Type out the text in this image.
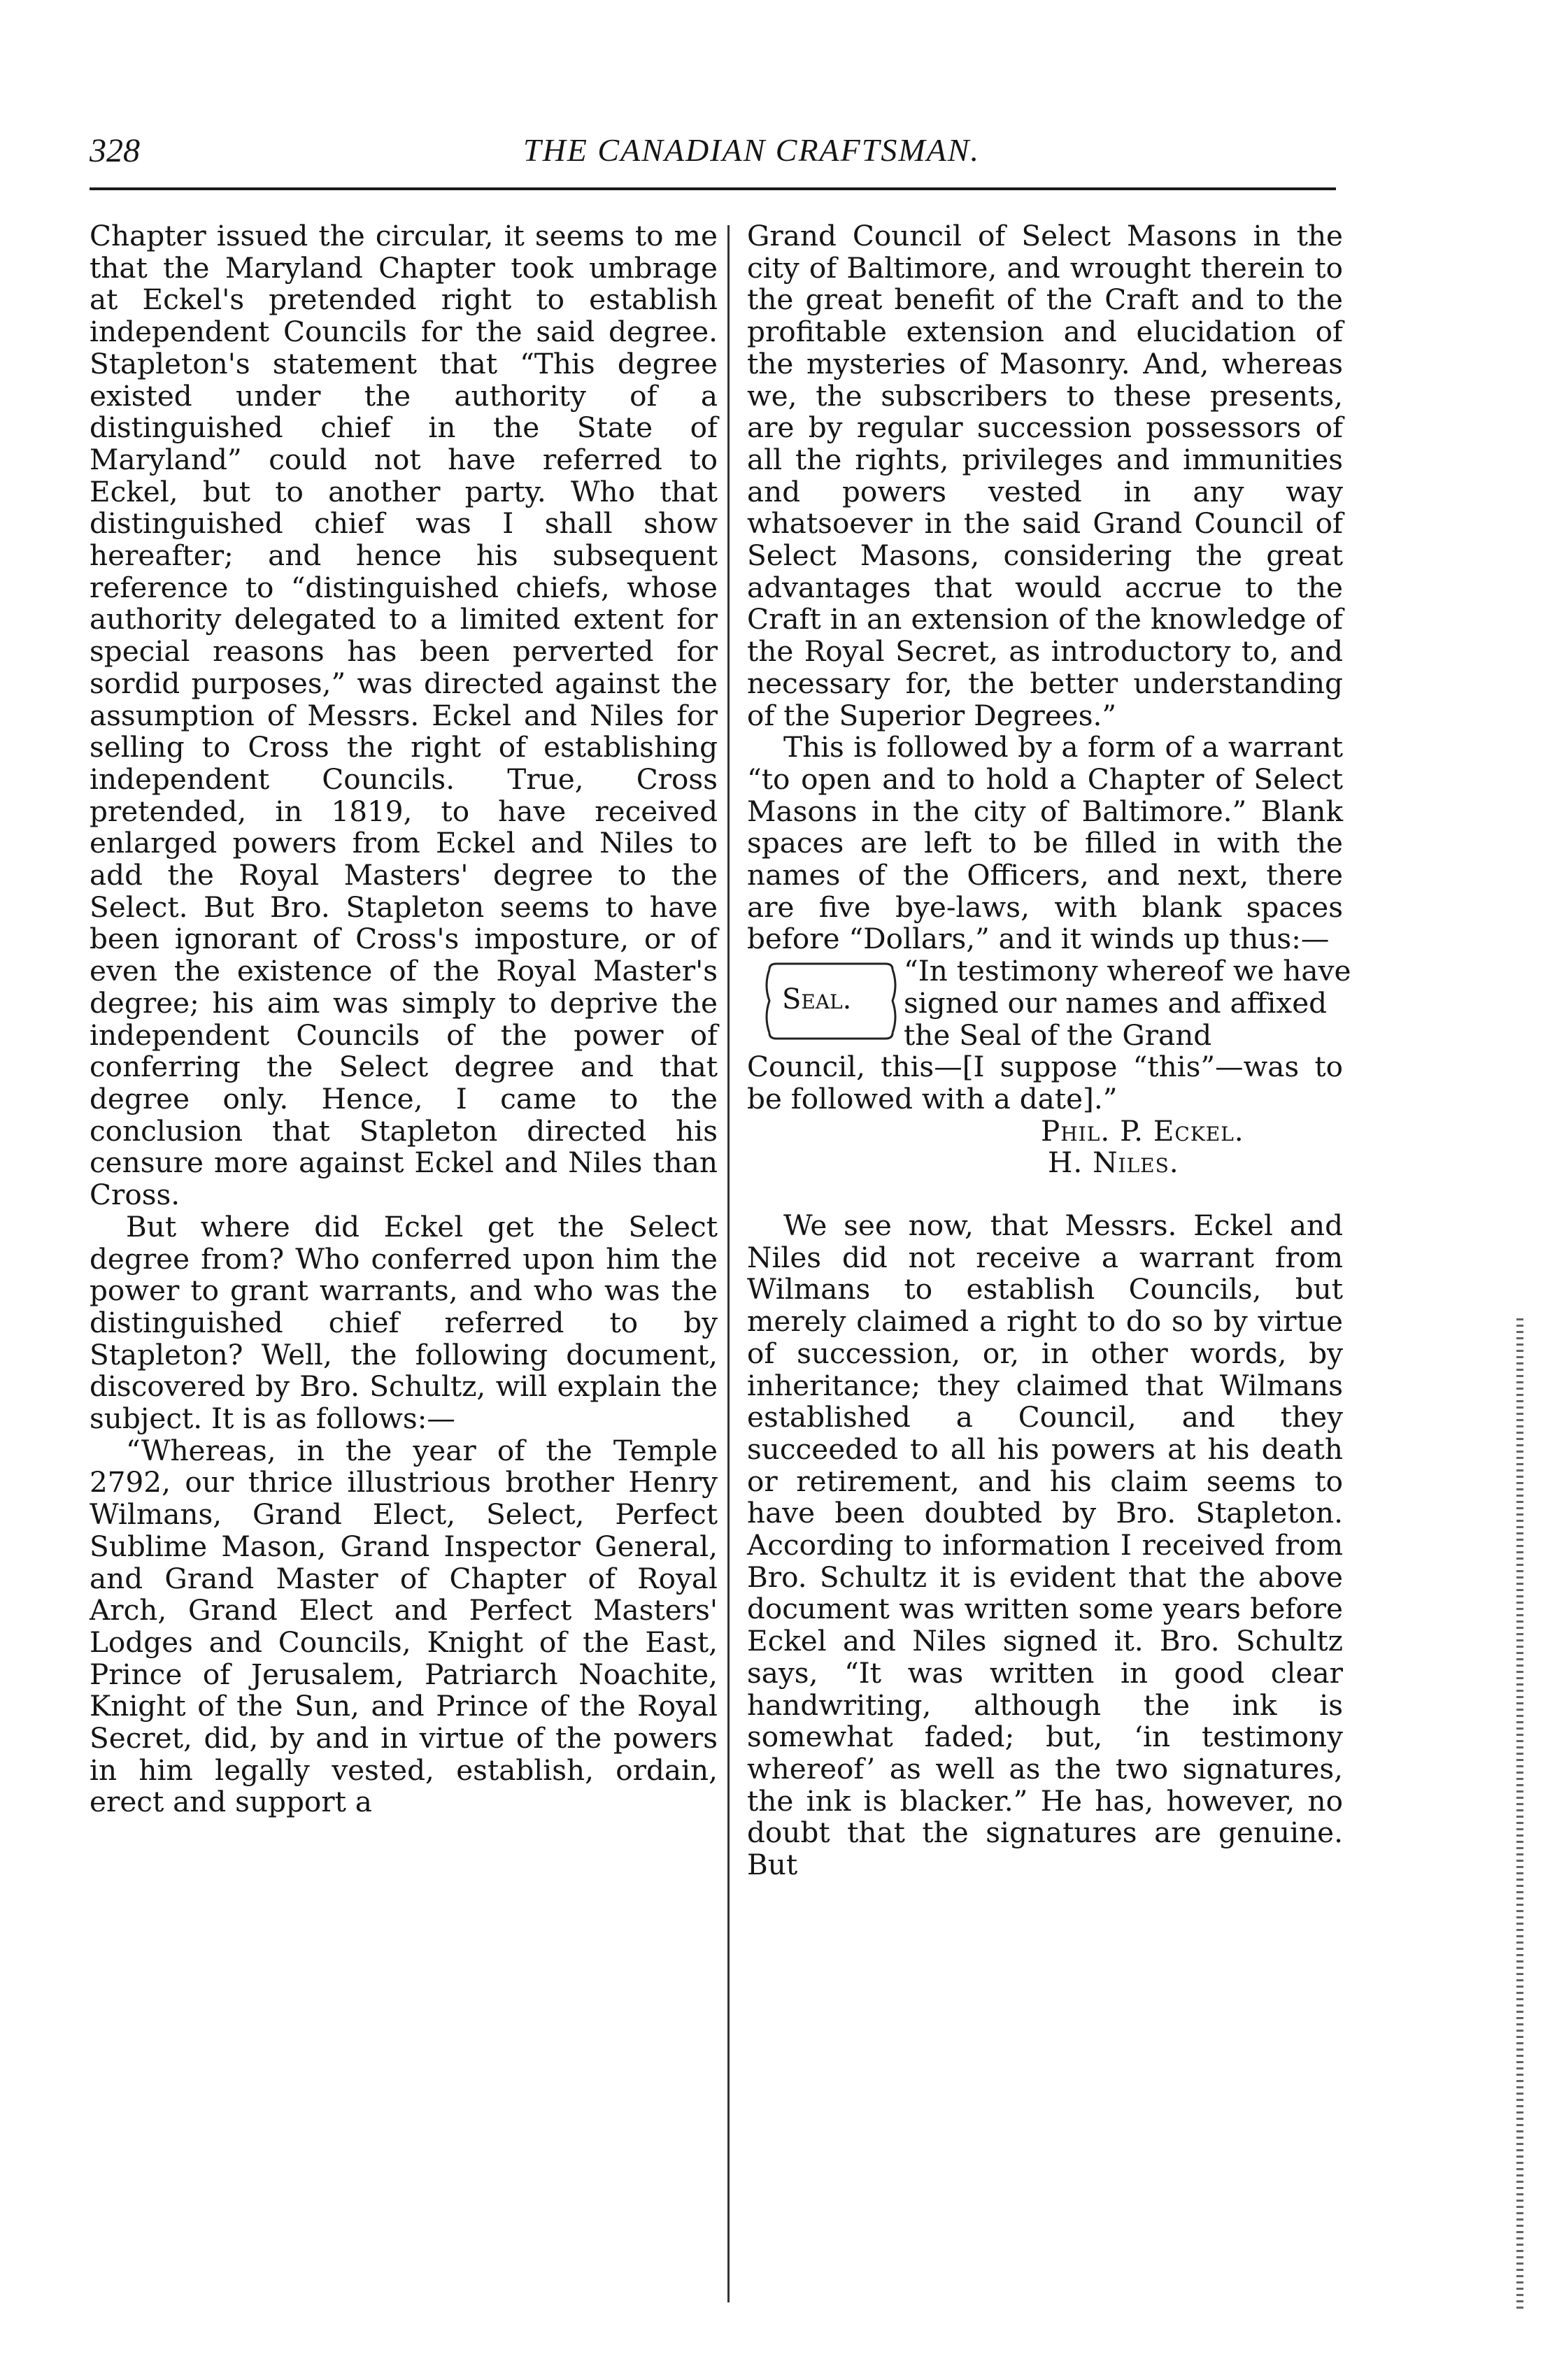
328	THE CANADIAN CRAFTSMAN.

Chapter issued the circular, it seems to me that the Maryland Chapter took umbrage at Eckel's pretended right to establish independent Councils for the said degree. Stapleton's statement that “This degree existed under the authority of a distinguished chief in the State of Maryland” could not have referred to Eckel, but to another party. Who that distinguished chief was I shall show hereafter; and hence his subsequent reference to “distinguished chiefs, whose authority delegated to a limited extent for special reasons has been perverted for sordid purposes,” was directed against the assumption of Messrs. Eckel and Niles for selling to Cross the right of establishing independent Councils. True, Cross pretended, in 1819, to have received enlarged powers from Eckel and Niles to add the Royal Masters' degree to the Select. But Bro. Stapleton seems to have been ignorant of Cross's imposture, or of even the existence of the Royal Master's degree; his aim was simply to deprive the independent Councils of the power of conferring the Select degree and that degree only. Hence, I came to the conclusion that Stapleton directed his censure more against Eckel and Niles than Cross.

But where did Eckel get the Select degree from? Who conferred upon him the power to grant warrants, and who was the distinguished chief referred to by Stapleton? Well, the following document, discovered by Bro. Schultz, will explain the subject. It is as follows:—

“Whereas, in the year of the Temple 2792, our thrice illustrious brother Henry Wilmans, Grand Elect, Select, Perfect Sublime Mason, Grand Inspector General, and Grand Master of Chapter of Royal Arch, Grand Elect and Perfect Masters' Lodges and Councils, Knight of the East, Prince of Jerusalem, Patriarch Noachite, Knight of the Sun, and Prince of the Royal Secret, did, by and in virtue of the powers in him legally vested, establish, ordain, erect and support a

Grand Council of Select Masons in the city of Baltimore, and wrought therein to the great benefit of the Craft and to the profitable extension and elucidation of the mysteries of Masonry. And, whereas we, the subscribers to these presents, are by regular succession possessors of all the rights, privileges and immunities and powers vested in any way whatsoever in the said Grand Council of Select Masons, considering the great advantages that would accrue to the Craft in an extension of the knowledge of the Royal Secret, as introductory to, and necessary for, the better understanding of the Superior Degrees.”

This is followed by a form of a warrant “to open and to hold a Chapter of Select Masons in the city of Baltimore.” Blank spaces are left to be filled in with the names of the Officers, and next, there are five bye-laws, with blank spaces before “Dollars,” and it winds up thus:—

Seal.
“In testimony whereof we have signed our names and affixed the Seal of the Grand

Council, this—[I suppose “this”—was to be followed with a date].”

Phil. P. Eckel.

H. Niles.

We see now, that Messrs. Eckel and Niles did not receive a warrant from Wilmans to establish Councils, but merely claimed a right to do so by virtue of succession, or, in other words, by inheritance; they claimed that Wilmans established a Council, and they succeeded to all his powers at his death or retirement, and his claim seems to have been doubted by Bro. Stapleton. According to information I received from Bro. Schultz it is evident that the above document was written some years before Eckel and Niles signed it. Bro. Schultz says, “It was written in good clear handwriting, although the ink is somewhat faded; but, ‘in testimony whereof’ as well as the two signatures, the ink is blacker.” He has, however, no doubt that the signatures are genuine. But
